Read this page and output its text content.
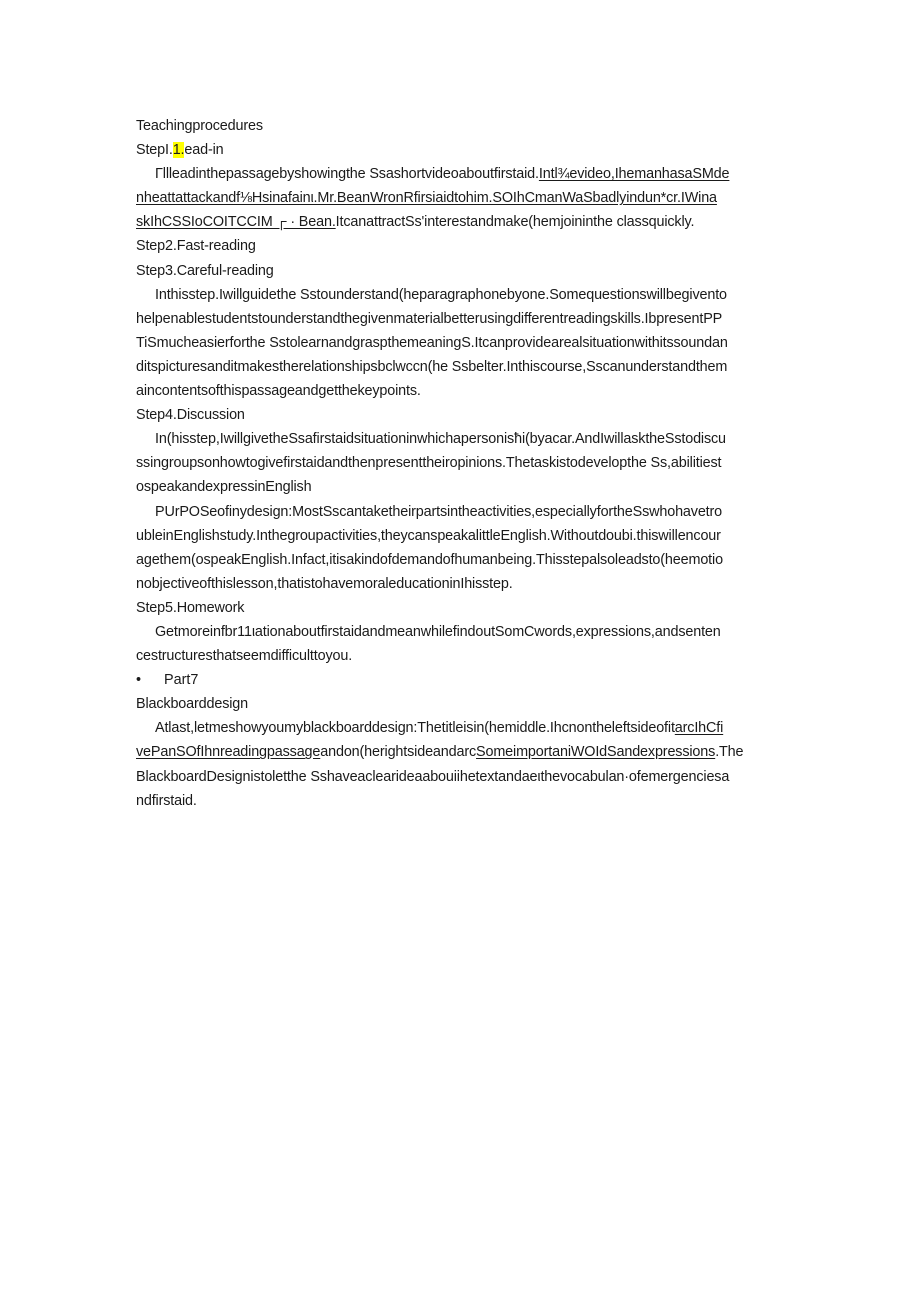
Teachingprocedures
StepI.1.ead-in
Γllleadinthepassagebyshowingthe Ssashortvideoaboutfirstaid.Intl¾evideo,IhemanhasaSMde
nheattattackandf⅛Hsinafainι.Mr.BeanWronRfirsiaidtohim.SOIhCmanWaSbadlyindun*cr.IWina
skIhCSSIoCOITCCIM ┌ · Bean.ItcanattractSs'interestandmake(hemjoininthe classquickly.
Step2.Fast-reading
Step3.Careful-reading
Inthisstep.Iwillguidethe Sstounderstand(heparagraphonebyone.Somequestionswillbegivento
helpenablestudentstounderstandthegivenmaterialbetterusingdifferentreadingskills.IbpresentPP
TiSmucheasierforthe SstolearnandgraspthemeaningS.Itcanprovidearealsituationwithitssoundan
ditspicturesanditmakestherelationshipsbclwccn(he Ssbelter.Inthiscourse,Sscanunderstandthem
aincontentsofthispassageandgetthekeypoints.
Step4.Discussion
In(hisstep,IwillgivetheSsafirstaidsituationinwhichapersonisħi(byacar.AndIwillasktheSstodiscu
ssingroupsonhowtogivefirstaidandthenpresenttheiropinions.Thetaskistodevelopthe Ss,abilitiest
ospeakandexpressinEnglish
PUrPOSeofinydesign:MostSscantaketheirpartsintheactivities,especiallyfortheSswhohavetro
ubleinEnglishstudy.Inthegroupactivities,theycanspeakalittleEnglish.Withoutdoubi.thiswillencour
agethem(ospeakEnglish.Infact,itisakindofdemandofhumanbeing.Thisstepalsoleadsto(heemotio
nobjectiveofthislesson,thatistohavemoraleducationinIhisstep.
Step5.Homework
Getmoreinfbr11ιationaboutfirstaidandmeanwhilefindoutSomCwords,expressions,andsenten
cestructuresthatseemdifficulttoyou.
• Part7
Blackboarddesign
Atlast,letmeshowyoumyblackboarddesign:Thetitleisin(hemiddle.IhcnontheleftsideofitarcIhCfi
vePanSOfIhnreadingpassageandon(herightsideandarcSomeimportaniWOIdSandexpressions.The
BlackboardDesignistoletthe Sshaveaclearideaabouiihetextandaeιthevocabulan·ofemergenciesa
ndfirstaid.
